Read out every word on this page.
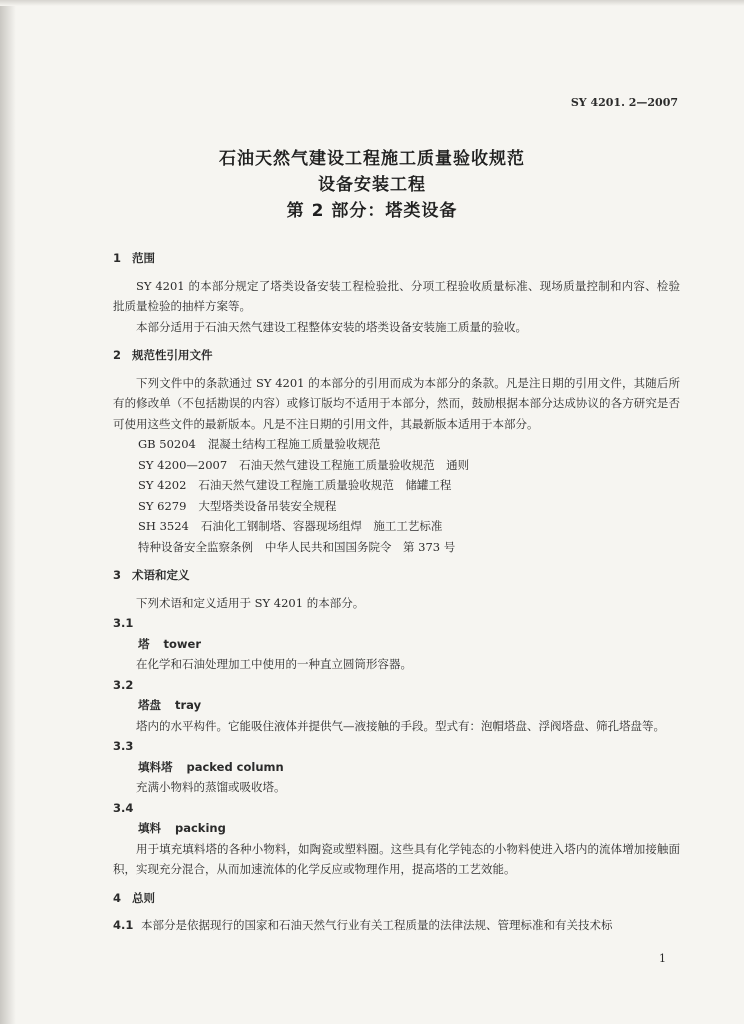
SY 4201. 2—2007
石油天然气建设工程施工质量验收规范
设备安装工程
第 2 部分：塔类设备

1 范围

SY 4201 的本部分规定了塔类设备安装工程检验批、分项工程验收质量标准、现场质量控制和内容、检验批质量检验的抽样方案等。

本部分适用于石油天然气建设工程整体安装的塔类设备安装施工质量的验收。

2 规范性引用文件

下列文件中的条款通过 SY 4201 的本部分的引用而成为本部分的条款。凡是注日期的引用文件，其随后所有的修改单（不包括勘误的内容）或修订版均不适用于本部分，然而，鼓励根据本部分达成协议的各方研究是否可使用这些文件的最新版本。凡是不注日期的引用文件，其最新版本适用于本部分。

GB 50204 混凝土结构工程施工质量验收规范

SY 4200—2007 石油天然气建设工程施工质量验收规范　通则

SY 4202 石油天然气建设工程施工质量验收规范　储罐工程

SY 6279 大型塔类设备吊装安全规程

SH 3524 石油化工钢制塔、容器现场组焊　施工工艺标准

特种设备安全监察条例 中华人民共和国国务院令　第 373 号

3 术语和定义

下列术语和定义适用于 SY 4201 的本部分。

3.1

塔 tower

在化学和石油处理加工中使用的一种直立圆筒形容器。

3.2

塔盘 tray

塔内的水平构件。它能吸住液体并提供气—液接触的手段。型式有：泡帽塔盘、浮阀塔盘、筛孔塔盘等。

3.3

填料塔 packed column

充满小物料的蒸馏或吸收塔。

3.4

填料 packing

用于填充填料塔的各种小物料，如陶瓷或塑料圈。这些具有化学钝态的小物料使进入塔内的流体增加接触面积，实现充分混合，从而加速流体的化学反应或物理作用，提高塔的工艺效能。

4 总则

4.1 本部分是依据现行的国家和石油天然气行业有关工程质量的法律法规、管理标准和有关技术标

1
